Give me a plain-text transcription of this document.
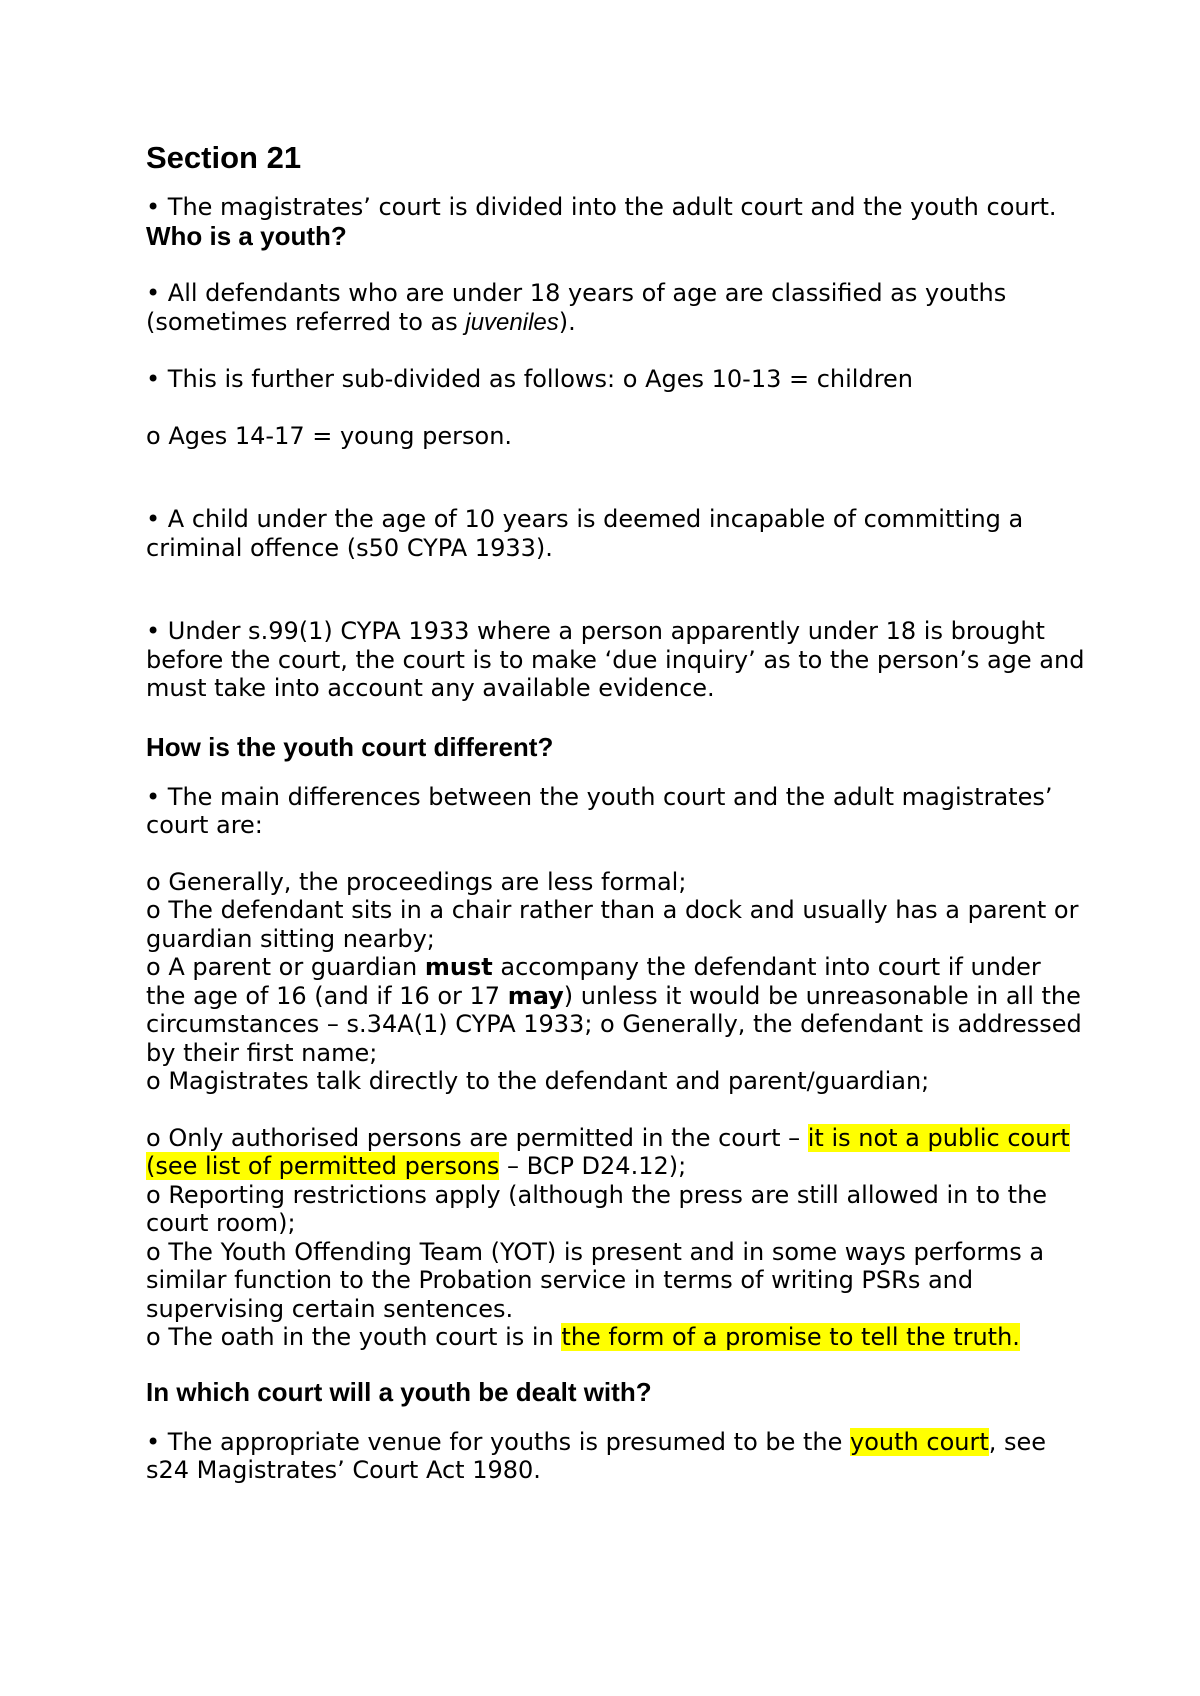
Section 21

• The magistrates’ court is divided into the adult court and the youth court. Who is a youth?

• All defendants who are under 18 years of age are classified as youths (sometimes referred to as juveniles).

• This is further sub-divided as follows: o Ages 10-13 = children

o Ages 14-17 = young person.

• A child under the age of 10 years is deemed incapable of committing a criminal offence (s50 CYPA 1933).

• Under s.99(1) CYPA 1933 where a person apparently under 18 is brought before the court, the court is to make ‘due inquiry’ as to the person’s age and must take into account any available evidence.

How is the youth court different?

• The main differences between the youth court and the adult magistrates’ court are:

o Generally, the proceedings are less formal;

o The defendant sits in a chair rather than a dock and usually has a parent or guardian sitting nearby;

o A parent or guardian must accompany the defendant into court if under the age of 16 (and if 16 or 17 may) unless it would be unreasonable in all the circumstances – s.34A(1) CYPA 1933; o Generally, the defendant is addressed by their first name;

o Magistrates talk directly to the defendant and parent/guardian;

o Only authorised persons are permitted in the court – it is not a public court (see list of permitted persons – BCP D24.12);

o Reporting restrictions apply (although the press are still allowed in to the court room);

o The Youth Offending Team (YOT) is present and in some ways performs a similar function to the Probation service in terms of writing PSRs and supervising certain sentences.

o The oath in the youth court is in the form of a promise to tell the truth.

In which court will a youth be dealt with?

• The appropriate venue for youths is presumed to be the youth court, see s24 Magistrates’ Court Act 1980.
